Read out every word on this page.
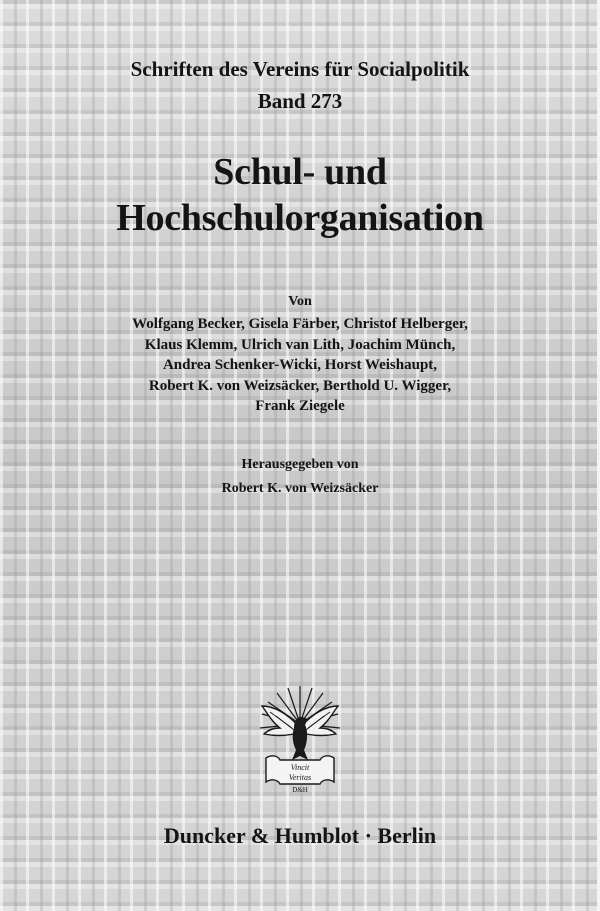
Schriften des Vereins für Socialpolitik
Band 273
Schul- und
Hochschulorganisation
Von
Wolfgang Becker, Gisela Färber, Christof Helberger,
Klaus Klemm, Ulrich van Lith, Joachim Münch,
Andrea Schenker-Wicki, Horst Weishaupt,
Robert K. von Weizsäcker, Berthold U. Wigger,
Frank Ziegele
Herausgegeben von
Robert K. von Weizsäcker
Vincit
Veritas
D&H
Duncker & Humblot · Berlin
